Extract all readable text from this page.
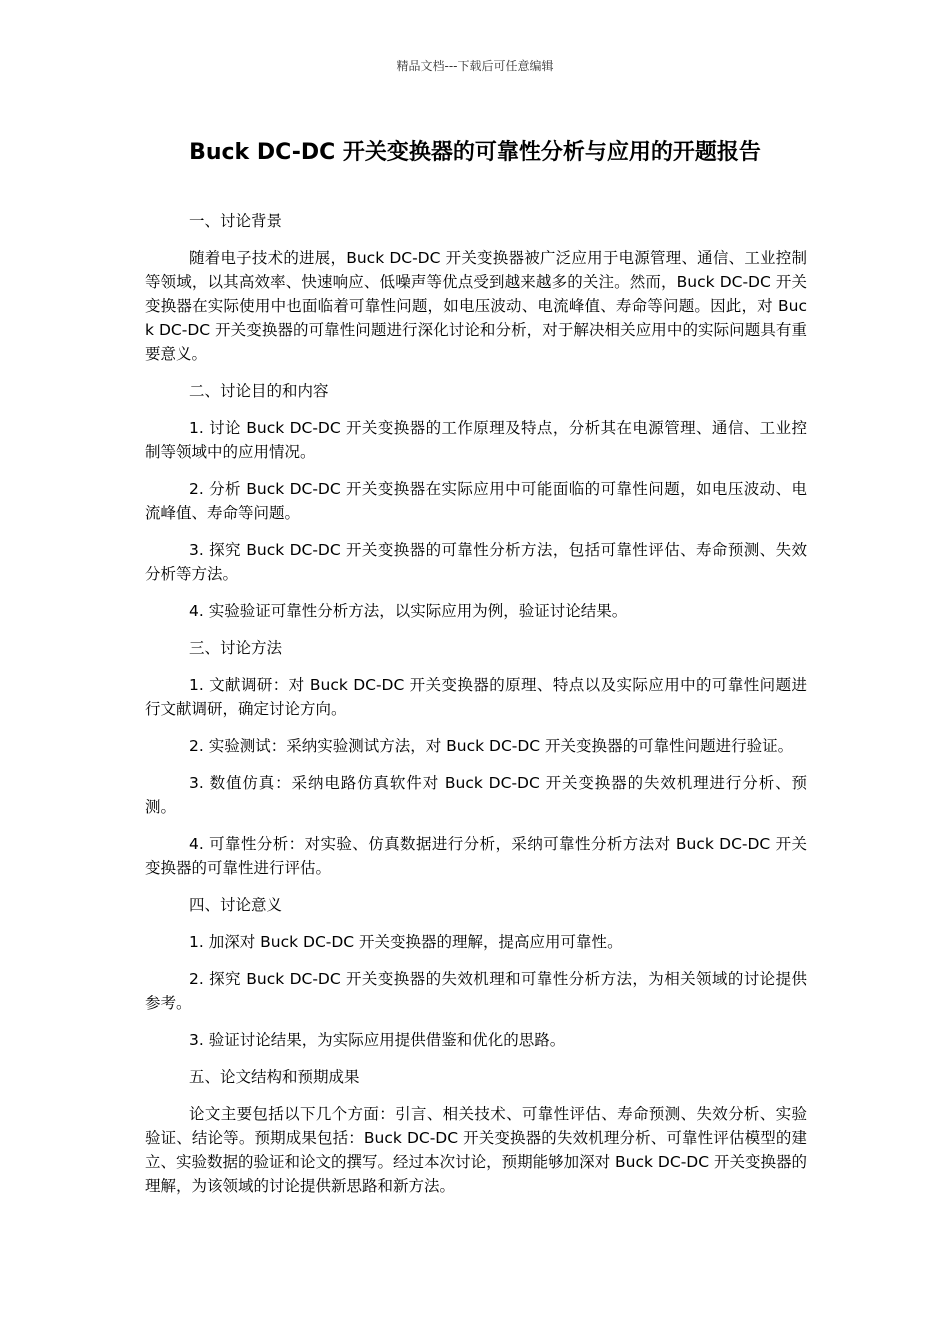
精品文档---下载后可任意编辑
Buck DC-DC 开关变换器的可靠性分析与应用的开题报告

一、讨论背景

随着电子技术的进展，Buck DC-DC 开关变换器被广泛应用于电源管理、通信、工业控制等领域，以其高效率、快速响应、低噪声等优点受到越来越多的关注。然而，Buck DC-DC 开关变换器在实际使用中也面临着可靠性问题，如电压波动、电流峰值、寿命等问题。因此，对 Buck DC-DC 开关变换器的可靠性问题进行深化讨论和分析，对于解决相关应用中的实际问题具有重要意义。

二、讨论目的和内容

1. 讨论 Buck DC-DC 开关变换器的工作原理及特点，分析其在电源管理、通信、工业控制等领域中的应用情况。

2. 分析 Buck DC-DC 开关变换器在实际应用中可能面临的可靠性问题，如电压波动、电流峰值、寿命等问题。

3. 探究 Buck DC-DC 开关变换器的可靠性分析方法，包括可靠性评估、寿命预测、失效分析等方法。

4. 实验验证可靠性分析方法，以实际应用为例，验证讨论结果。

三、讨论方法

1. 文献调研：对 Buck DC-DC 开关变换器的原理、特点以及实际应用中的可靠性问题进行文献调研，确定讨论方向。

2. 实验测试：采纳实验测试方法，对 Buck DC-DC 开关变换器的可靠性问题进行验证。

3. 数值仿真：采纳电路仿真软件对 Buck DC-DC 开关变换器的失效机理进行分析、预测。

4. 可靠性分析：对实验、仿真数据进行分析，采纳可靠性分析方法对 Buck DC-DC 开关变换器的可靠性进行评估。

四、讨论意义

1. 加深对 Buck DC-DC 开关变换器的理解，提高应用可靠性。

2. 探究 Buck DC-DC 开关变换器的失效机理和可靠性分析方法，为相关领域的讨论提供参考。

3. 验证讨论结果，为实际应用提供借鉴和优化的思路。

五、论文结构和预期成果

论文主要包括以下几个方面：引言、相关技术、可靠性评估、寿命预测、失效分析、实验验证、结论等。预期成果包括：Buck DC-DC 开关变换器的失效机理分析、可靠性评估模型的建立、实验数据的验证和论文的撰写。经过本次讨论，预期能够加深对 Buck DC-DC 开关变换器的理解，为该领域的讨论提供新思路和新方法。
